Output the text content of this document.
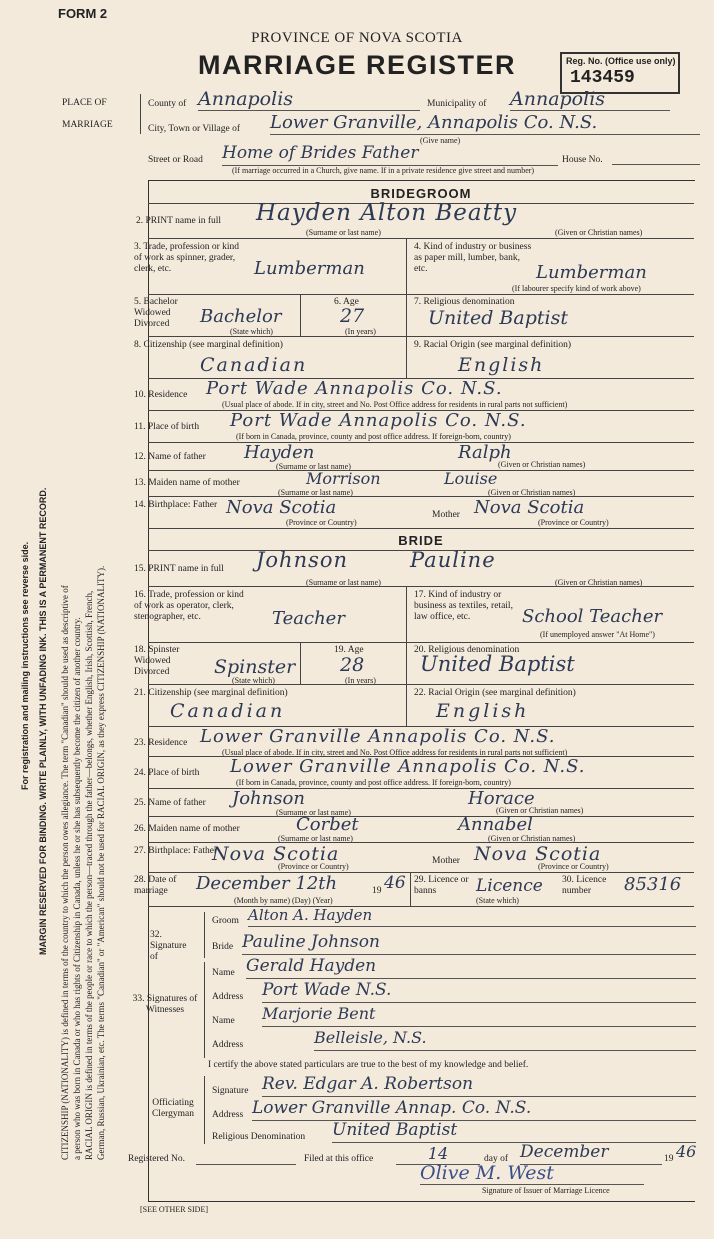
FORM 2
PROVINCE OF NOVA SCOTIA
MARRIAGE REGISTER	Reg. No. (Office use only)
143459
For registration and mailing instructions see reverse side. MARGIN RESERVED FOR BINDING. WRITE PLAINLY, WITH UNFADING INK. THIS IS A PERMANENT RECORD. CITIZENSHIP (NATIONALITY) is defined in terms of the country to which the person owes allegiance. The term "Canadian" should be used as descriptive of a person who was born in Canada or who has rights of Citizenship in Canada, unless he or she has subsequently become the citizen of another country. RACIAL ORIGIN is defined in terms of the people or race to which the person—traced through the father—belongs, whether English, Irish, Scottish, French, German, Russian, Ukrainian, etc. The terms "Canadian" or "American" should not be used for RACIAL ORIGIN, as they express CITIZENSHIP (NATIONALITY).
PLACE OF
MARRIAGE
County of Annapolis	Municipality of Annapolis
City, Town or Village of Lower Granville, Annapolis Co. N.S.
(Give name)
Street or Road Home of Brides Father	House No.
(If marriage occurred in a Church, give name. If in a private residence give street and number)
BRIDEGROOM
2. PRINT name in full Hayden Alton Beatty
(Surname or last name)	(Given or Christian names)
3. Trade, profession or kind of work as spinner, grader, clerk, etc.	Lumberman
4. Kind of industry or business as paper mill, lumber, bank, etc.	Lumberman
(If labourer specify kind of work above)
5. Bachelor Widowed Divorced	Bachelor
(State which)
6. Age
27
(In years)
7. Religious denomination
United Baptist
8. Citizenship (see marginal definition)
Canadian
9. Racial Origin (see marginal definition)
English
10. Residence Port Wade Annapolis Co. N.S.
(Usual place of abode. If in city, street and No. Post Office address for residents in rural parts not sufficient)
11. Place of birth Port Wade Annapolis Co. N.S.
(If born in Canada, province, county and post office address. If foreign-born, country)
12. Name of father Hayden	Ralph
(Surname or last name)	(Given or Christian names)
13. Maiden name of mother	Morrison	Louise
(Surname or last name)	(Given or Christian names)
14. Birthplace: Father Nova Scotia
(Province or Country)
Mother Nova Scotia
(Province or Country)
BRIDE
15. PRINT name in full Johnson	Pauline
(Surname or last name)	(Given or Christian names)
16. Trade, profession or kind of work as operator, clerk, stenographer, etc.	Teacher
17. Kind of industry or business as textiles, retail, law office, etc.	School Teacher
(If unemployed answer "At Home")
18. Spinster Widowed Divorced	Spinster
(State which)
19. Age
28
(In years)
20. Religious denomination
United Baptist
21. Citizenship (see marginal definition)
Canadian
22. Racial Origin (see marginal definition)
English
23. Residence Lower Granville Annapolis Co. N.S.
(Usual place of abode. If in city, street and No. Post Office address for residents in rural parts not sufficient)
24. Place of birth Lower Granville Annapolis Co. N.S.
(If born in Canada, province, county and post office address. If foreign-born, country)
25. Name of father Johnson	Horace
(Surname or last name)	(Given or Christian names)
26. Maiden name of mother	Corbet	Annabel
(Surname or last name)	(Given or Christian names)
27. Birthplace: Father
Nova Scotia
(Province or Country)
Mother Nova Scotia
(Province or Country)
28. Date of marriage	December 12th	19 46
(Month by name) (Day) (Year)
29. Licence or banns	Licence
(State which)
30. Licence number	85316
32. Signature of
Groom Alton A. Hayden
Bride Pauline Johnson
33. Signatures of Witnesses
Name Gerald Hayden
Address Port Wade N.S.
Name Marjorie Bent
Address	Belleisle, N.S.
I certify the above stated particulars are true to the best of my knowledge and belief.
Officiating Clergyman
Signature Rev. Edgar A. Robertson
Address Lower Granville Annap. Co. N.S.
Religious Denomination United Baptist
Registered No.	Filed at this office	14	day of December	19 46
Olive M. West
Signature of Issuer of Marriage Licence
[SEE OTHER SIDE]
